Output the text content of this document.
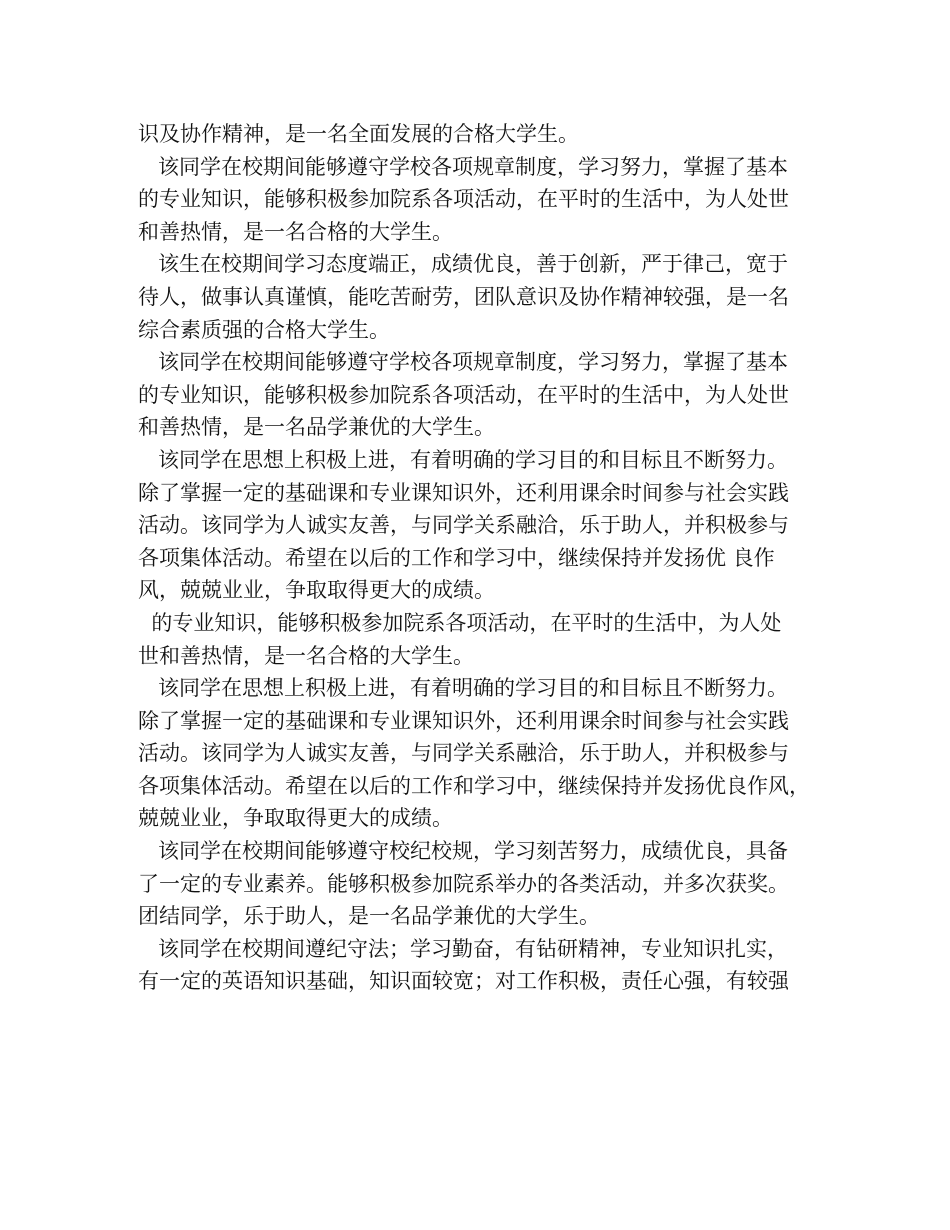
识及协作精神，是一名全面发展的合格大学生。
该同学在校期间能够遵守学校各项规章制度，学习努力，掌握了基本
的专业知识，能够积极参加院系各项活动，在平时的生活中，为人处世
和善热情，是一名合格的大学生。
该生在校期间学习态度端正，成绩优良，善于创新，严于律己，宽于
待人，做事认真谨慎，能吃苦耐劳，团队意识及协作精神较强，是一名
综合素质强的合格大学生。
该同学在校期间能够遵守学校各项规章制度，学习努力，掌握了基本
的专业知识，能够积极参加院系各项活动，在平时的生活中，为人处世
和善热情，是一名品学兼优的大学生。
该同学在思想上积极上进，有着明确的学习目的和目标且不断努力。
除了掌握一定的基础课和专业课知识外，还利用课余时间参与社会实践
活动。该同学为人诚实友善，与同学关系融洽，乐于助人，并积极参与
各项集体活动。希望在以后的工作和学习中，继续保持并发扬优 良作
风，兢兢业业，争取取得更大的成绩。
的专业知识，能够积极参加院系各项活动，在平时的生活中，为人处
世和善热情，是一名合格的大学生。
该同学在思想上积极上进，有着明确的学习目的和目标且不断努力。
除了掌握一定的基础课和专业课知识外，还利用课余时间参与社会实践
活动。该同学为人诚实友善，与同学关系融洽，乐于助人，并积极参与
各项集体活动。希望在以后的工作和学习中，继续保持并发扬优良作风，
兢兢业业，争取取得更大的成绩。
该同学在校期间能够遵守校纪校规，学习刻苦努力，成绩优良，具备
了一定的专业素养。能够积极参加院系举办的各类活动，并多次获奖。
团结同学，乐于助人，是一名品学兼优的大学生。
该同学在校期间遵纪守法；学习勤奋，有钻研精神，专业知识扎实，
有一定的英语知识基础，知识面较宽；对工作积极，责任心强，有较强
